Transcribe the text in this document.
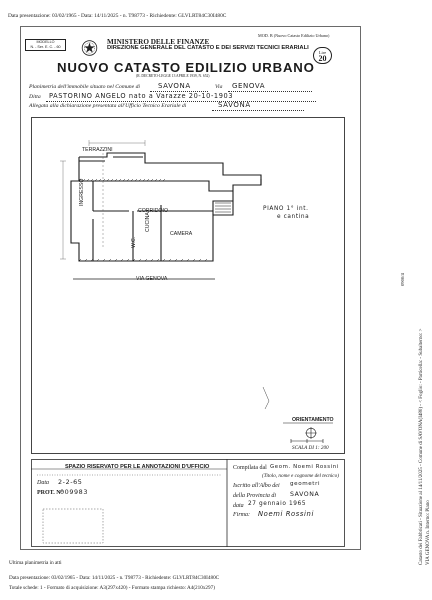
Data presentazione: 03/02/1965 - Data: 14/11/2025 - n. T98773 - Richiedente: GLVLRT84C30I480C
MODELLO
N. - Ser. E. C. - 60
MINISTERO DELLE FINANZE
DIREZIONE GENERALE DEL CATASTO E DEI SERVIZI TECNICI ERARIALI
MOD. B (Nuovo Catasto Edilizio Urbano)
Lire
20
NUOVO CATASTO EDILIZIO URBANO
(R. DECRETO-LEGGE 13 APRILE 1939, N. 652)
Planimetria dell'immobile situato nel Comune di	SAVONA	Via GENOVA
Ditta PASTORINO ANGELO nato a Varazze 20-10-1903
Allegata alla dichiarazione presentata all'Ufficio Tecnico Erariale di	SAVONA
TERRAZZINI
INGRESSO
CORRIDOIO
CUCINA
W.C.
CAMERA
PIANO 1° int.
e cantina
VIA GENOVA
ORIENTAMENTO
SCALA DI 1: 200
SPAZIO RISERVATO PER LE ANNOTAZIONI D'UFFICIO
Data 2-2-65
PROT. N°
009983
Compilata dal Geom. Noemi Rossini
(Titolo, nome e cognome del tecnico)
Iscritto all'Albo dei geometri
della Provincia di SAVONA
data 27 gennaio 1965
Firma: Noemi Rossini
Ultima planimetria in atti
Data presentazione: 03/02/1965 - Data: 14/11/2025 - n. T98773 - Richiedente: GLVLRT84C30I480C
Totale schede: 1 - Formato di acquisizione: A3(297x420) - Formato stampa richiesto: A4(210x297)
Catasto dei Fabbricati - Situazione al 14/11/2025 - Comune di SAVONA(I480) - < Foglio: - Particella: - Subalterno: > VIA GENOVA n. Interno: Piano
0900/4
